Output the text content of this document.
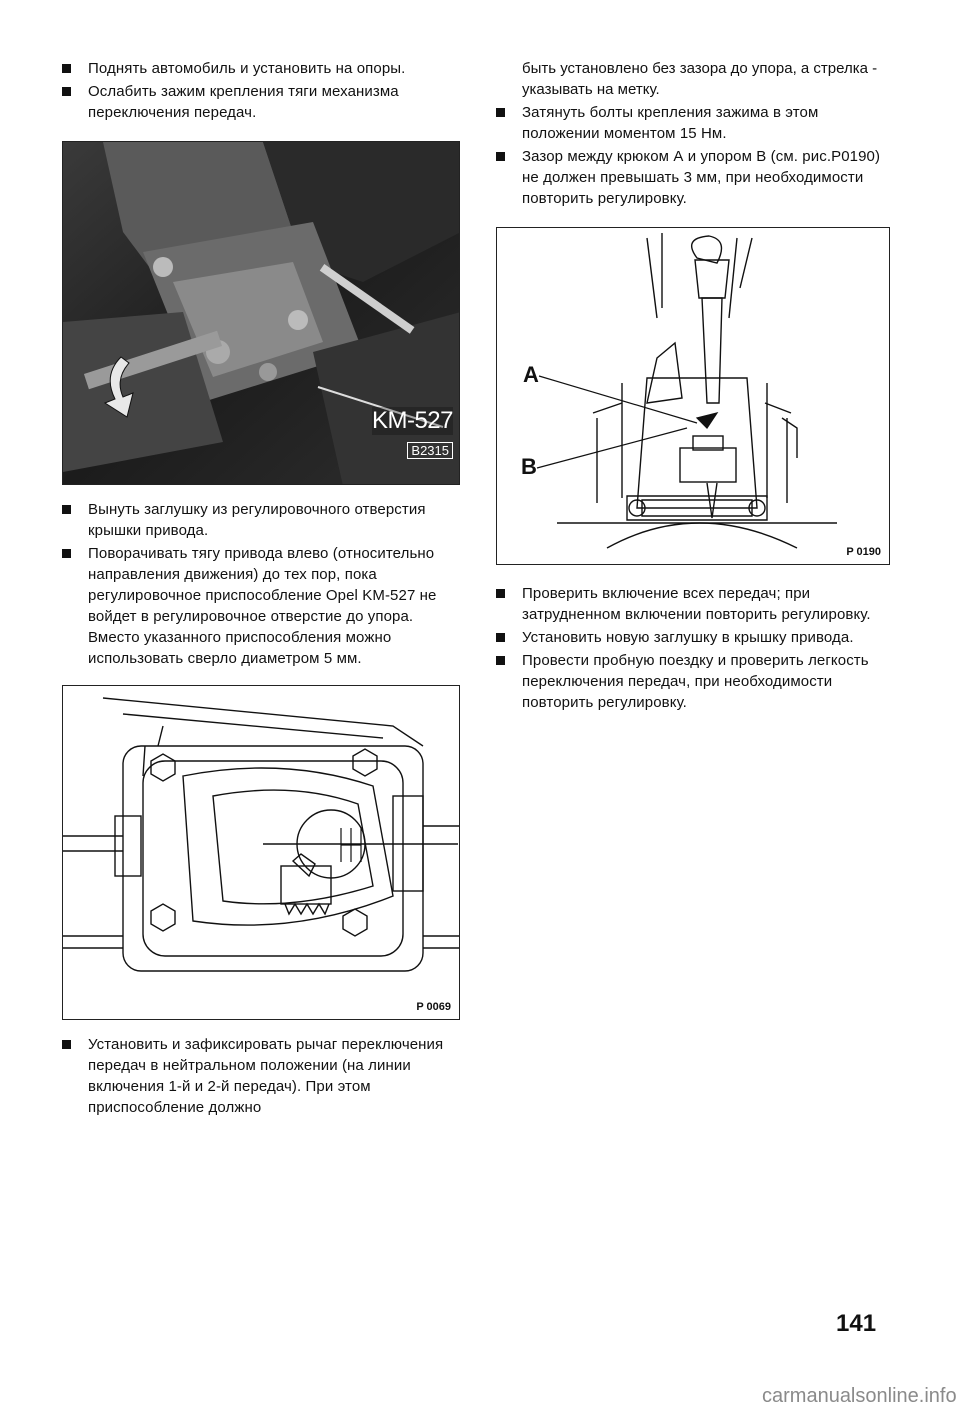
Поднять автомобиль и установить на опоры.
Ослабить зажим крепления тяги механизма переключения передач.
KM-527
B2315
Вынуть заглушку из регулировочного отверстия крышки привода.
Поворачивать тягу привода влево (относительно направления движения) до тех пор, пока регулировочное приспособление Opel KM-527 не войдет в регулировочное отверстие до упора. Вместо указанного приспособления можно использовать сверло диаметром 5 мм.
P 0069
Установить и зафиксировать рычаг переключения передач в нейтральном положении (на линии включения 1-й и 2-й передач). При этом приспособление должно

быть установлено без зазора до упора, а стрелка - указывать на метку.

Затянуть болты крепления зажима в этом положении моментом 15 Нм.
Зазор между крюком А и упором В (см. рис.Р0190) не должен превышать 3 мм, при необходимости повторить регулировку.
A
B
P 0190
Проверить включение всех передач; при затрудненном включении повторить регулировку.
Установить новую заглушку в крышку привода.
Провести пробную поездку и проверить легкость переключения передач, при необходимости повторить регулировку.
141
carmanualsonline.info
